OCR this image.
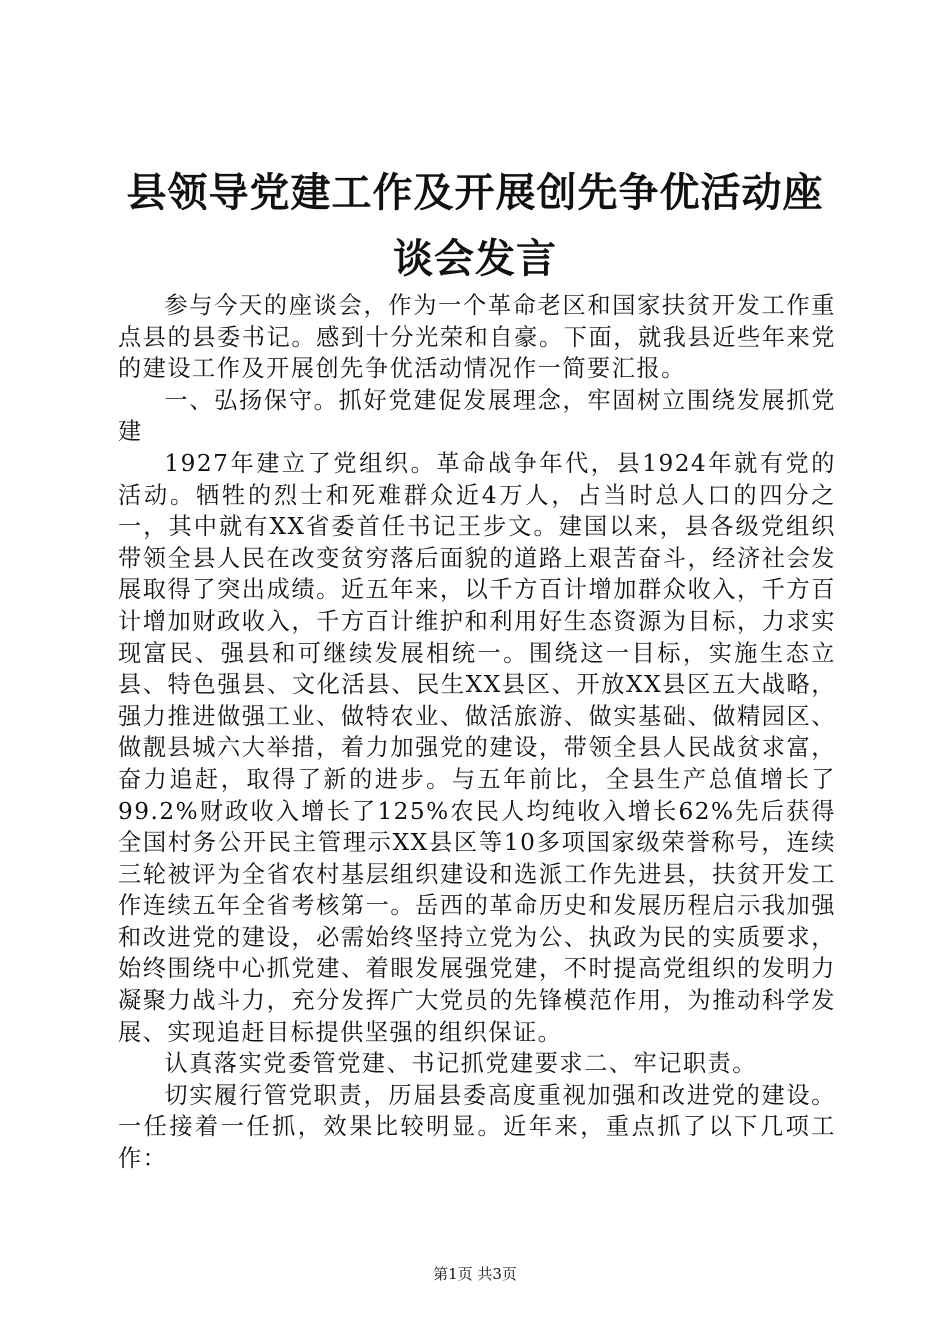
县领导党建工作及开展创先争优活动座谈会发言

参与今天的座谈会，作为一个革命老区和国家扶贫开发工作重点县的县委书记。感到十分光荣和自豪。下面，就我县近些年来党的建设工作及开展创先争优活动情况作一简要汇报。

一、弘扬保守。抓好党建促发展理念，牢固树立围绕发展抓党建

1927年建立了党组织。革命战争年代，县1924年就有党的活动。牺牲的烈士和死难群众近4万人，占当时总人口的四分之一，其中就有XX省委首任书记王步文。建国以来，县各级党组织带领全县人民在改变贫穷落后面貌的道路上艰苦奋斗，经济社会发展取得了突出成绩。近五年来，以千方百计增加群众收入，千方百计增加财政收入，千方百计维护和利用好生态资源为目标，力求实现富民、强县和可继续发展相统一。围绕这一目标，实施生态立县、特色强县、文化活县、民生XX县区、开放XX县区五大战略，强力推进做强工业、做特农业、做活旅游、做实基础、做精园区、做靓县城六大举措，着力加强党的建设，带领全县人民战贫求富，奋力追赶，取得了新的进步。与五年前比，全县生产总值增长了99.2%财政收入增长了125%农民人均纯收入增长62%先后获得全国村务公开民主管理示XX县区等10多项国家级荣誉称号，连续三轮被评为全省农村基层组织建设和选派工作先进县，扶贫开发工作连续五年全省考核第一。岳西的革命历史和发展历程启示我加强和改进党的建设，必需始终坚持立党为公、执政为民的实质要求，始终围绕中心抓党建、着眼发展强党建，不时提高党组织的发明力凝聚力战斗力，充分发挥广大党员的先锋模范作用，为推动科学发展、实现追赶目标提供坚强的组织保证。

认真落实党委管党建、书记抓党建要求二、牢记职责。

切实履行管党职责，历届县委高度重视加强和改进党的建设。一任接着一任抓，效果比较明显。近年来，重点抓了以下几项工作：

第1页 共3页
